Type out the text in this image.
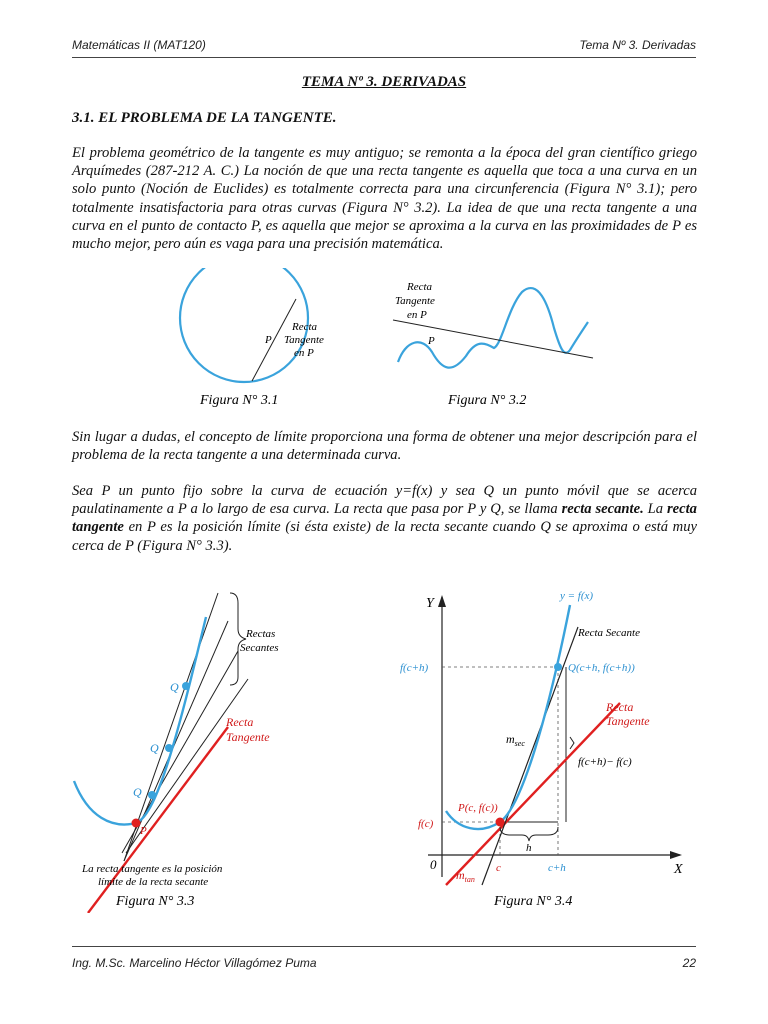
Matemáticas II (MAT120)	Tema Nº 3. Derivadas
TEMA Nº 3. DERIVADAS
3.1. EL PROBLEMA DE LA TANGENTE.
El problema geométrico de la tangente es muy antiguo; se remonta a la época del gran científico griego Arquímedes (287-212 A. C.) La noción de que una recta tangente es aquella que toca a una curva en un solo punto (Noción de Euclides) es totalmente correcta para una circunferencia (Figura N° 3.1); pero totalmente insatisfactoria para otras curvas (Figura N° 3.2). La idea de que una recta tangente a una curva en el punto de contacto P, es aquella que mejor se aproxima a la curva en las proximidades de P es mucho mejor, pero aún es vaga para una precisión matemática.
P
Recta
Tangente
en P
Figura N° 3.1
P
Recta
Tangente
en P
Figura N° 3.2
Sin lugar a dudas, el concepto de límite proporciona una forma de obtener una mejor descripción para el problema de la recta tangente a una determinada curva.
Sea P un punto fijo sobre la curva de ecuación y=f(x) y sea Q un punto móvil que se acerca paulatinamente a P a lo largo de esa curva. La recta que pasa por P y Q, se llama recta secante. La recta tangente en P es la posición límite (si ésta existe) de la recta secante cuando Q se aproxima o está muy cerca de P (Figura N° 3.3).
Q
Q
Q
P
Rectas
Secantes
Recta
Tangente
La recta tangente es la posición
límite de la recta secante
Figura N° 3.3
Y
X
0
y = f(x)
Recta Secante
Q(c+h, f(c+h))
f(c+h)
Recta
Tangente
$m_{sec}$
f(c+h)− f(c)
P(c, f(c))
f(c)
h
c	c+h
$m_{tan}$
Figura N° 3.4
Ing. M.Sc. Marcelino Héctor Villagómez Puma	22
